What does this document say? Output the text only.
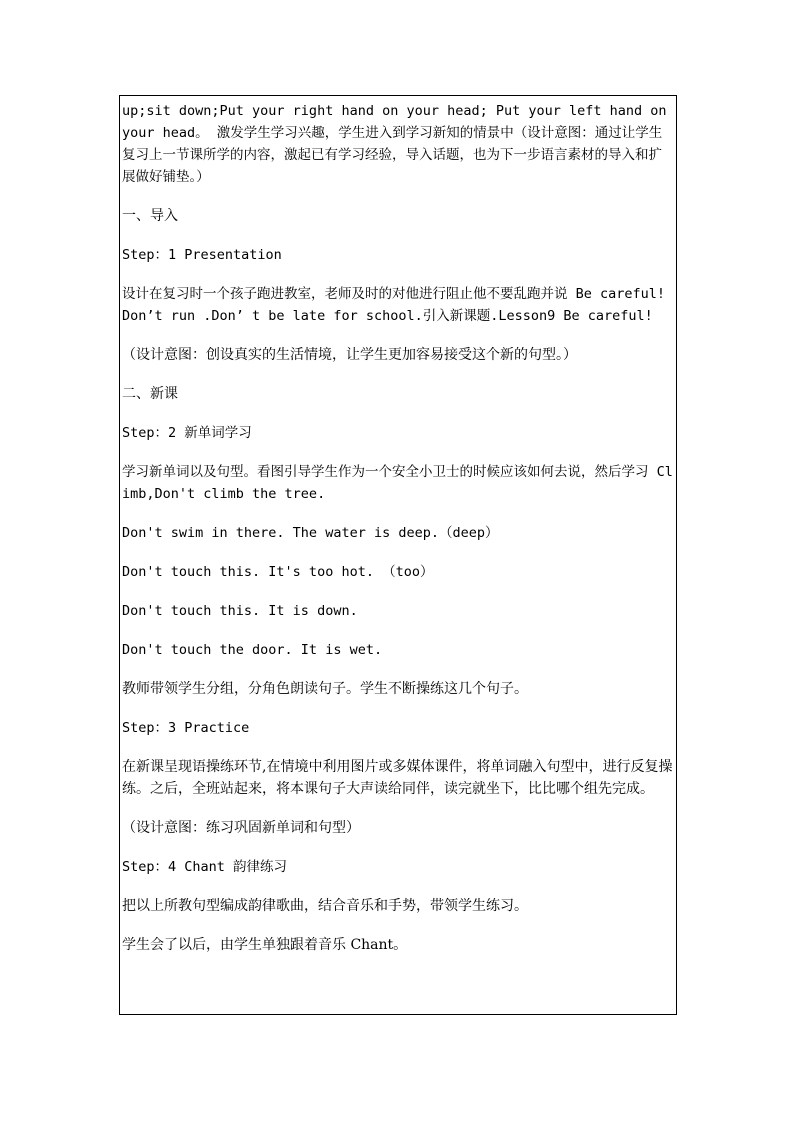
up;sit down;Put your right hand on your head; Put your left hand on your head。 激发学生学习兴趣，学生进入到学习新知的情景中（设计意图：通过让学生复习上一节课所学的内容，激起已有学习经验，导入话题，也为下一步语言素材的导入和扩展做好铺垫。）

一、导入

Step：1 Presentation

设计在复习时一个孩子跑进教室，老师及时的对他进行阻止他不要乱跑并说 Be careful! Don’t run .Don’ t be late for school.引入新课题.Lesson9 Be careful!

（设计意图：创设真实的生活情境，让学生更加容易接受这个新的句型。）

二、新课

Step：2 新单词学习

学习新单词以及句型。看图引导学生作为一个安全小卫士的时候应该如何去说，然后学习 Climb,Don't climb the tree.

Don't swim in there. The water is deep.（deep）

Don't touch this. It's too hot. （too）

Don't touch this. It is down.

Don't touch the door. It is wet.

教师带领学生分组，分角色朗读句子。学生不断操练这几个句子。

Step：3 Practice

在新课呈现语操练环节,在情境中利用图片或多媒体课件，将单词融入句型中，进行反复操练。之后，全班站起来，将本课句子大声读给同伴，读完就坐下，比比哪个组先完成。

（设计意图：练习巩固新单词和句型）

Step：4 Chant 韵律练习

把以上所教句型编成韵律歌曲，结合音乐和手势，带领学生练习。

学生会了以后，由学生单独跟着音乐 Chant。
